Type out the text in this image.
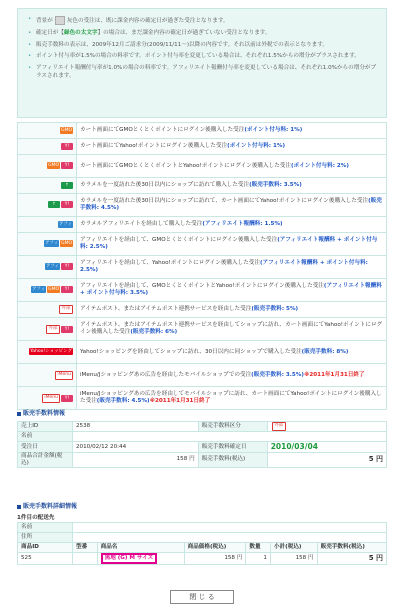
• 背景が	灰色の受注は、既に課金内容の確定日が過ぎた受注となります。
• 確定日が【緑色の太文字】の場合は、まだ課金内容の確定日が過ぎていない受注となります。
• 販売手数料の表示は、2009年12月ご請求分(2009/11/11～)以降の内容です。それ以前は外税での表示となります。
• ポイント付与率が1.5%の場合の料率です。ポイント付与率を変更している場合は、それぞれ1.5%からの増分がプラスされます。
• アフィリエイト報酬付与率が1.0%の場合の料率です。アフィリエイト報酬付与率を変更している場合は、それぞれ1.0%からの増分がプラスされます。
GMO	カート画面にてGMOとくとくポイントにログイン後購入した受注(ポイント付与料: 1%)
Y!	カート画面にてYahoo!ポイントにログイン後購入した受注(ポイント付与料: 1%)
GMO Y!	カート画面にてGMOとくとくポイントとYahoo!ポイントにログイン後購入した受注(ポイント付与料: 2%)
↑	カラメルを一度訪れた後30日以内にショップに訪れて購入した受注(販売手数料: 3.5%)
↑ Y!	カラメルを一度訪れた後30日以内にショップに訪れて、カート画面にてYahoo!ポイントにログイン後購入した受注(販売手数料: 4.5%)
アフィ	カラメルアフィリエイトを経由して購入した受注(アフィリエイト報酬料: 1.5%)
アフィ GMO	アフィリエイトを経由して、GMOとくとくポイントにログイン後購入した受注(アフィリエイト報酬料 + ポイント付与料: 2.5%)
アフィ Y!	アフィリエイトを経由して、Yahoo!ポイントにログイン後購入した受注(アフィリエイト報酬料 + ポイント付与料: 2.5%)
アフィ GMO Y!	アフィリエイトを経由して、GMOとくとくポイントとYahoo!ポイントにログイン後購入した受注(アフィリエイト報酬料 + ポイント付与料: 3.5%)
外部	アイテムポスト、またはアイテムポスト連携サービスを経由した受注(販売手数料: 5%)
外部 Y!	アイテムポスト、またはアイテムポスト連携サービスを経由してショップに訪れ、カート画面にてYahoo!ポイントにログイン後購入した受注(販売手数料: 6%)
Yahoo!ショッピング	Yahoo!ショッピングを経由してショップに訪れ、30日以内に同ショップで購入した受注(販売手数料: 8%)
iMenu	iMenu/Jショッピングあの広告を経由したモバイルショップでの受注(販売手数料: 3.5%)※2011年1月31日終了
iMenu Y!	iMenu/Jショッピングあの広告を経由してモバイルショップに訪れ、カート画面にてYahoo!ポイントにログイン後購入した受注(販売手数料: 4.5%)※2011年1月31日終了
販売手数料情報
売上ID	2538	販売手数料区分	外部
名前			
受注日	2010/02/12 20:44	販売手数料確定日	2010/03/04
商品合計金額(税込)	158 円	販売手数料(税込)	5 円
販売手数料詳細情報
1件目の配送先
名前						
住所						
商品ID	型番	商品名	商品価格(税込)	数量	小計(税込)	販売手数料(税込)
525		黒地 (G) M サイズ	158 円	1	158 円	5 円
閉 じ る
